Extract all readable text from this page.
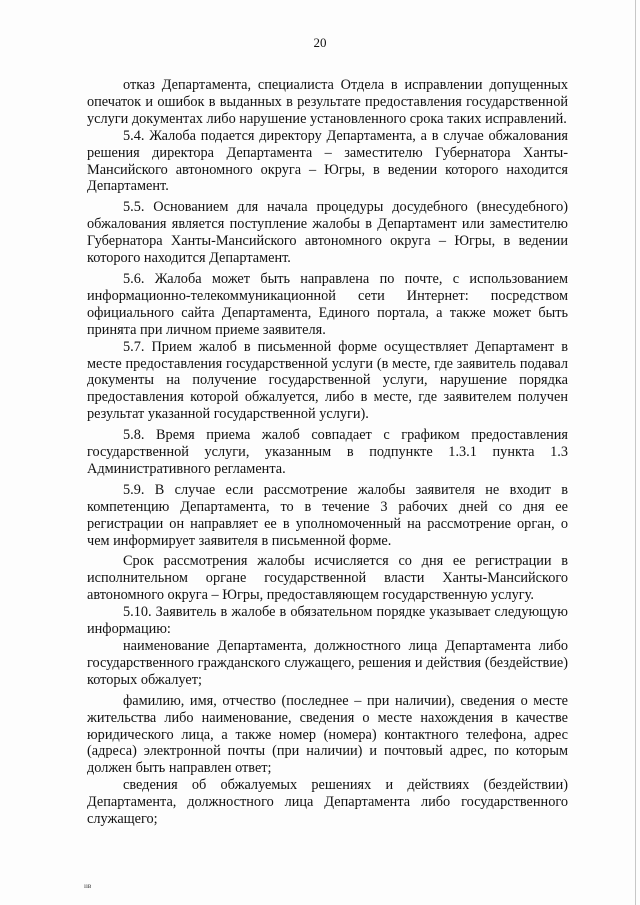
20

отказ Департамента, специалиста Отдела в исправлении допущенных опечаток и ошибок в выданных в результате предоставления государственной услуги документах либо нарушение установленного срока таких исправлений.

5.4. Жалоба подается директору Департамента, а в случае обжалования решения директора Департамента – заместителю Губернатора Ханты-Мансийского автономного округа – Югры, в ведении которого находится Департамент.

5.5. Основанием для начала процедуры досудебного (внесудебного) обжалования является поступление жалобы в Департамент или заместителю Губернатора Ханты-Мансийского автономного округа – Югры, в ведении которого находится Департамент.

5.6. Жалоба может быть направлена по почте, с использованием информационно-телекоммуникационной сети Интернет: посредством официального сайта Департамента, Единого портала, а также может быть принята при личном приеме заявителя.

5.7. Прием жалоб в письменной форме осуществляет Департамент в месте предоставления государственной услуги (в месте, где заявитель подавал документы на получение государственной услуги, нарушение порядка предоставления которой обжалуется, либо в месте, где заявителем получен результат указанной государственной услуги).

5.8. Время приема жалоб совпадает с графиком предоставления государственной услуги, указанным в подпункте 1.3.1 пункта 1.3 Административного регламента.

5.9. В случае если рассмотрение жалобы заявителя не входит в компетенцию Департамента, то в течение 3 рабочих дней со дня ее регистрации он направляет ее в уполномоченный на рассмотрение орган, о чем информирует заявителя в письменной форме.

Срок рассмотрения жалобы исчисляется со дня ее регистрации в исполнительном органе государственной власти Ханты-Мансийского автономного округа – Югры, предоставляющем государственную услугу.

5.10. Заявитель в жалобе в обязательном порядке указывает следующую информацию:

наименование Департамента, должностного лица Департамента либо государственного гражданского служащего, решения и действия (бездействие) которых обжалует;

фамилию, имя, отчество (последнее – при наличии), сведения о месте жительства либо наименование, сведения о месте нахождения в качестве юридического лица, а также номер (номера) контактного телефона, адрес (адреса) электронной почты (при наличии) и почтовый адрес, по которым должен быть направлен ответ;

сведения об обжалуемых решениях и действиях (бездействии) Департамента, должностного лица Департамента либо государственного служащего;

ııв
